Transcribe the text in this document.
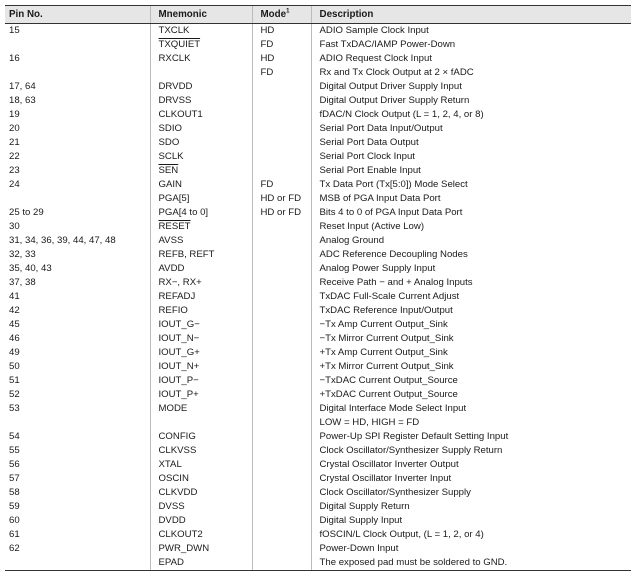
Pin No.	Mnemonic	Mode$^1$	Description
15	TXCLK	HD	ADIO Sample Clock Input

	TXQUIET	FD	Fast TxDAC/IAMP Power-Down

16	RXCLK	HD	ADIO Request Clock Input

		FD	Rx and Tx Clock Output at 2 × fADC

17, 64	DRVDD		Digital Output Driver Supply Input

18, 63	DRVSS		Digital Output Driver Supply Return

19	CLKOUT1		fDAC/N Clock Output (L = 1, 2, 4, or 8)

20	SDIO		Serial Port Data Input/Output

21	SDO		Serial Port Data Output

22	SCLK		Serial Port Clock Input

23	$\overline{SEN}$		Serial Port Enable Input

24	GAIN	FD	Tx Data Port (Tx[5:0]) Mode Select

	PGA[5]	HD or FD	MSB of PGA Input Data Port

25 to 29	PGA[4 to 0]	HD or FD	Bits 4 to 0 of PGA Input Data Port

30	RESET		Reset Input (Active Low)

31, 34, 36, 39, 44, 47, 48	AVSS		Analog Ground

32, 33	REFB, REFT		ADC Reference Decoupling Nodes

35, 40, 43	AVDD		Analog Power Supply Input

37, 38	RX−, RX+		Receive Path − and + Analog Inputs

41	REFADJ		TxDAC Full-Scale Current Adjust

42	REFIO		TxDAC Reference Input/Output

45	IOUT_G−		−Tx Amp Current Output_Sink

46	IOUT_N−		−Tx Mirror Current Output_Sink

49	IOUT_G+		+Tx Amp Current Output_Sink

50	IOUT_N+		+Tx Mirror Current Output_Sink

51	IOUT_P−		−TxDAC Current Output_Source

52	IOUT_P+		+TxDAC Current Output_Source

53	MODE		Digital Interface Mode Select Input
LOW = HD, HIGH = FD

54	CONFIG		Power-Up SPI Register Default Setting Input

55	CLKVSS		Clock Oscillator/Synthesizer Supply Return

56	XTAL		Crystal Oscillator Inverter Output

57	OSCIN		Crystal Oscillator Inverter Input

58	CLKVDD		Clock Oscillator/Synthesizer Supply

59	DVSS		Digital Supply Return

60	DVDD		Digital Supply Input

61	CLKOUT2		fOSCIN/L Clock Output, (L = 1, 2, or 4)

62	PWR_DWN		Power-Down Input

	EPAD		The exposed pad must be soldered to GND.
